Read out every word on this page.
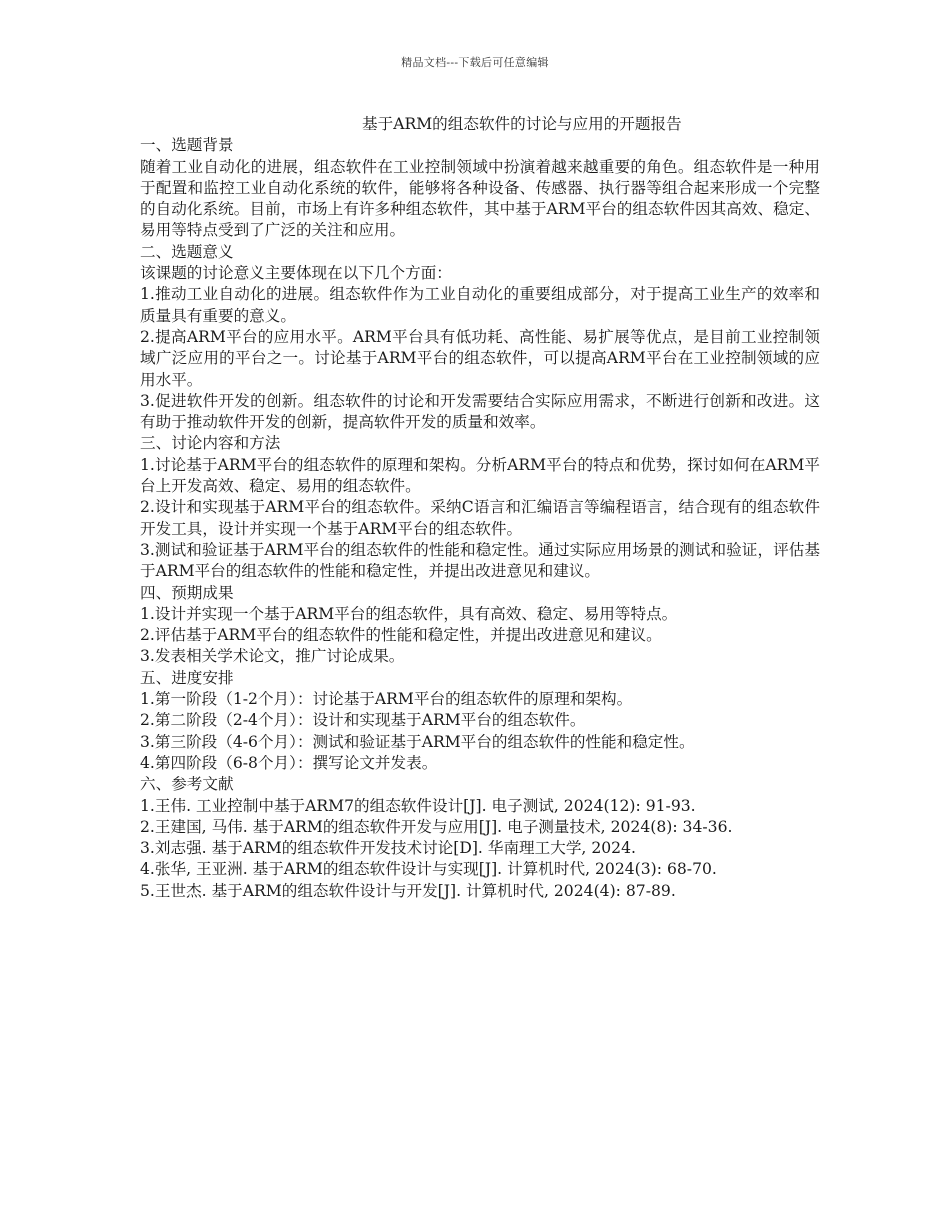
精品文档---下载后可任意编辑
基于ARM的组态软件的讨论与应用的开题报告
一、选题背景

随着工业自动化的进展，组态软件在工业控制领域中扮演着越来越重要的角色。组态软件是一种用于配置和监控工业自动化系统的软件，能够将各种设备、传感器、执行器等组合起来形成一个完整的自动化系统。目前，市场上有许多种组态软件，其中基于ARM平台的组态软件因其高效、稳定、易用等特点受到了广泛的关注和应用。

二、选题意义

该课题的讨论意义主要体现在以下几个方面：

1.推动工业自动化的进展。组态软件作为工业自动化的重要组成部分，对于提高工业生产的效率和质量具有重要的意义。

2.提高ARM平台的应用水平。ARM平台具有低功耗、高性能、易扩展等优点，是目前工业控制领域广泛应用的平台之一。讨论基于ARM平台的组态软件，可以提高ARM平台在工业控制领域的应用水平。

3.促进软件开发的创新。组态软件的讨论和开发需要结合实际应用需求，不断进行创新和改进。这有助于推动软件开发的创新，提高软件开发的质量和效率。

三、讨论内容和方法

1.讨论基于ARM平台的组态软件的原理和架构。分析ARM平台的特点和优势，探讨如何在ARM平台上开发高效、稳定、易用的组态软件。

2.设计和实现基于ARM平台的组态软件。采纳C语言和汇编语言等编程语言，结合现有的组态软件开发工具，设计并实现一个基于ARM平台的组态软件。

3.测试和验证基于ARM平台的组态软件的性能和稳定性。通过实际应用场景的测试和验证，评估基于ARM平台的组态软件的性能和稳定性，并提出改进意见和建议。

四、预期成果

1.设计并实现一个基于ARM平台的组态软件，具有高效、稳定、易用等特点。

2.评估基于ARM平台的组态软件的性能和稳定性，并提出改进意见和建议。

3.发表相关学术论文，推广讨论成果。

五、进度安排

1.第一阶段（1-2个月）：讨论基于ARM平台的组态软件的原理和架构。

2.第二阶段（2-4个月）：设计和实现基于ARM平台的组态软件。

3.第三阶段（4-6个月）：测试和验证基于ARM平台的组态软件的性能和稳定性。

4.第四阶段（6-8个月）：撰写论文并发表。

六、参考文献

1.王伟. 工业控制中基于ARM7的组态软件设计[J]. 电子测试, 2024(12): 91-93.

2.王建国, 马伟. 基于ARM的组态软件开发与应用[J]. 电子测量技术, 2024(8): 34-36.

3.刘志强. 基于ARM的组态软件开发技术讨论[D]. 华南理工大学, 2024.

4.张华, 王亚洲. 基于ARM的组态软件设计与实现[J]. 计算机时代, 2024(3): 68-70.

5.王世杰. 基于ARM的组态软件设计与开发[J]. 计算机时代, 2024(4): 87-89.
